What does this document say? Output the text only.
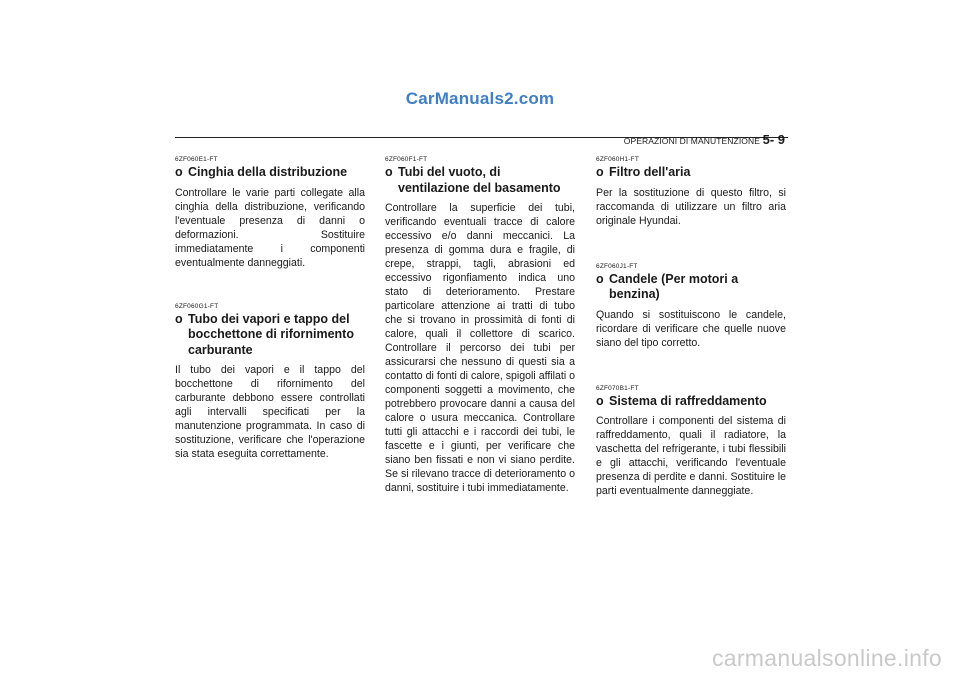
CarManuals2.com
OPERAZIONI DI MANUTENZIONE 5- 9
6ZF060E1-FT
o Cinghia della distribuzione

Controllare le varie parti collegate alla cinghia della distribuzione, verificando l'eventuale presenza di danni o deformazioni. Sostituire immediatamente i componenti eventualmente danneggiati.

6ZF060G1-FT
o Tubo dei vapori e tappo del bocchettone di rifornimento carburante

Il tubo dei vapori e il tappo del bocchettone di rifornimento del carburante debbono essere controllati agli intervalli specificati per la manutenzione programmata. In caso di sostituzione, verificare che l'operazione sia stata eseguita correttamente.

6ZF060F1-FT
o Tubi del vuoto, di ventilazione del basamento

Controllare la superficie dei tubi, verificando eventuali tracce di calore eccessivo e/o danni meccanici. La presenza di gomma dura e fragile, di crepe, strappi, tagli, abrasioni ed eccessivo rigonfiamento indica uno stato di deterioramento. Prestare particolare attenzione ai tratti di tubo che si trovano in prossimità di fonti di calore, quali il collettore di scarico. Controllare il percorso dei tubi per assicurarsi che nessuno di questi sia a contatto di fonti di calore, spigoli affilati o componenti soggetti a movimento, che potrebbero provocare danni a causa del calore o usura meccanica. Controllare tutti gli attacchi e i raccordi dei tubi, le fascette e i giunti, per verificare che siano ben fissati e non vi siano perdite. Se si rilevano tracce di deterioramento o danni, sostituire i tubi immediatamente.

6ZF060H1-FT
o Filtro dell'aria

Per la sostituzione di questo filtro, si raccomanda di utilizzare un filtro aria originale Hyundai.

6ZF060J1-FT
o Candele (Per motori a benzina)

Quando si sostituiscono le candele, ricordare di verificare che quelle nuove siano del tipo corretto.

6ZF070B1-FT
o Sistema di raffreddamento

Controllare i componenti del sistema di raffreddamento, quali il radiatore, la vaschetta del refrigerante, i tubi flessibili e gli attacchi, verificando l'eventuale presenza di perdite e danni. Sostituire le parti eventualmente danneggiate.

carmanualsonline.info
